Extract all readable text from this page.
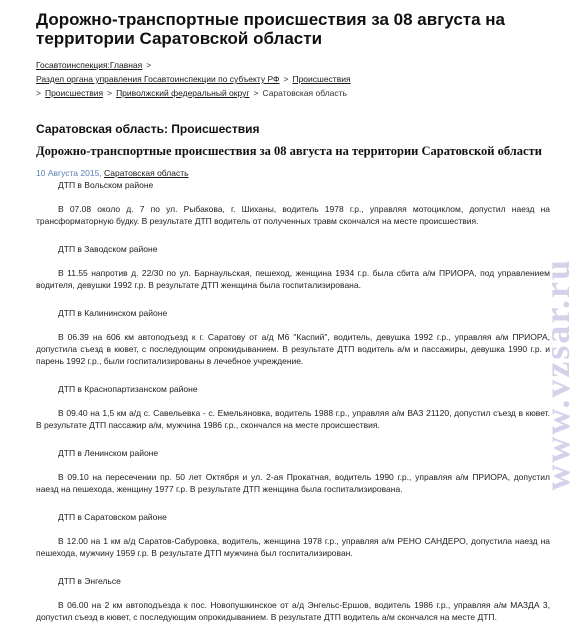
Дорожно-транспортные происшествия за 08 августа на территории Саратовской области
Госавтоинспекция:Главная >
Раздел органа управления Госавтоинспекции по субъекту РФ > Происшествия
> Происшествия > Приволжский федеральный округ > Саратовская область
Саратовская область: Происшествия
Дорожно-транспортные происшествия за 08 августа на территории Саратовской области
10 Августа 2015, Саратовская область
ДТП в Вольском районе

В 07.08 около д. 7 по ул. Рыбакова, г. Шиханы, водитель 1978 г.р., управляя мотоциклом, допустил наезд на трансформаторную будку. В результате ДТП водитель от полученных травм скончался на месте происшествия.

ДТП в Заводском районе

В 11.55 напротив д. 22/30 по ул. Барнаульская, пешеход, женщина 1934 г.р. была сбита а/м ПРИОРА, под управлением водителя, девушки 1992 г.р. В результате ДТП женщина была госпитализирована.

ДТП в Калининском районе

В 06.39 на 606 км автоподъезд к г. Саратову от а/д М6 "Каспий", водитель, девушка 1992 г.р., управляя а/м ПРИОРА, допустила съезд в кювет, с последующим опрокидыванием. В результате ДТП водитель а/м и пассажиры, девушка 1990 г.р. и парень 1992 г.р., были госпитализированы в лечебное учреждение.

ДТП в Краснопартизанском районе

В 09.40 на 1,5 км а/д с. Савельевка - с. Емельяновка, водитель 1988 г.р., управляя а/м ВАЗ 21120, допустил съезд в кювет. В результате ДТП пассажир а/м, мужчина 1986 г.р., скончался на месте происшествия.

ДТП в Ленинском районе

В 09.10 на пересечении пр. 50 лет Октября и ул. 2-ая Прокатная, водитель 1990 г.р., управляя а/м ПРИОРА, допустил наезд на пешехода, женщину 1977 г.р. В результате ДТП женщина была госпитализирована.

ДТП в Саратовском районе

В 12.00 на 1 км а/д Саратов-Сабуровка, водитель, женщина 1978 г.р., управляя а/м РЕНО САНДЕРО, допустила наезд на пешехода, мужчину 1959 г.р. В результате ДТП мужчина был госпитализирован.

ДТП в Энгельсе

В 06.00 на 2 км автоподъезда к пос. Новопушкинское от а/д Энгельс-Ершов, водитель 1986 г.р., управляя а/м МАЗДА 3, допустил съезд в кювет, с последующим опрокидыванием. В результате ДТП водитель а/м скончался на месте ДТП.

www.vzsar.ru
